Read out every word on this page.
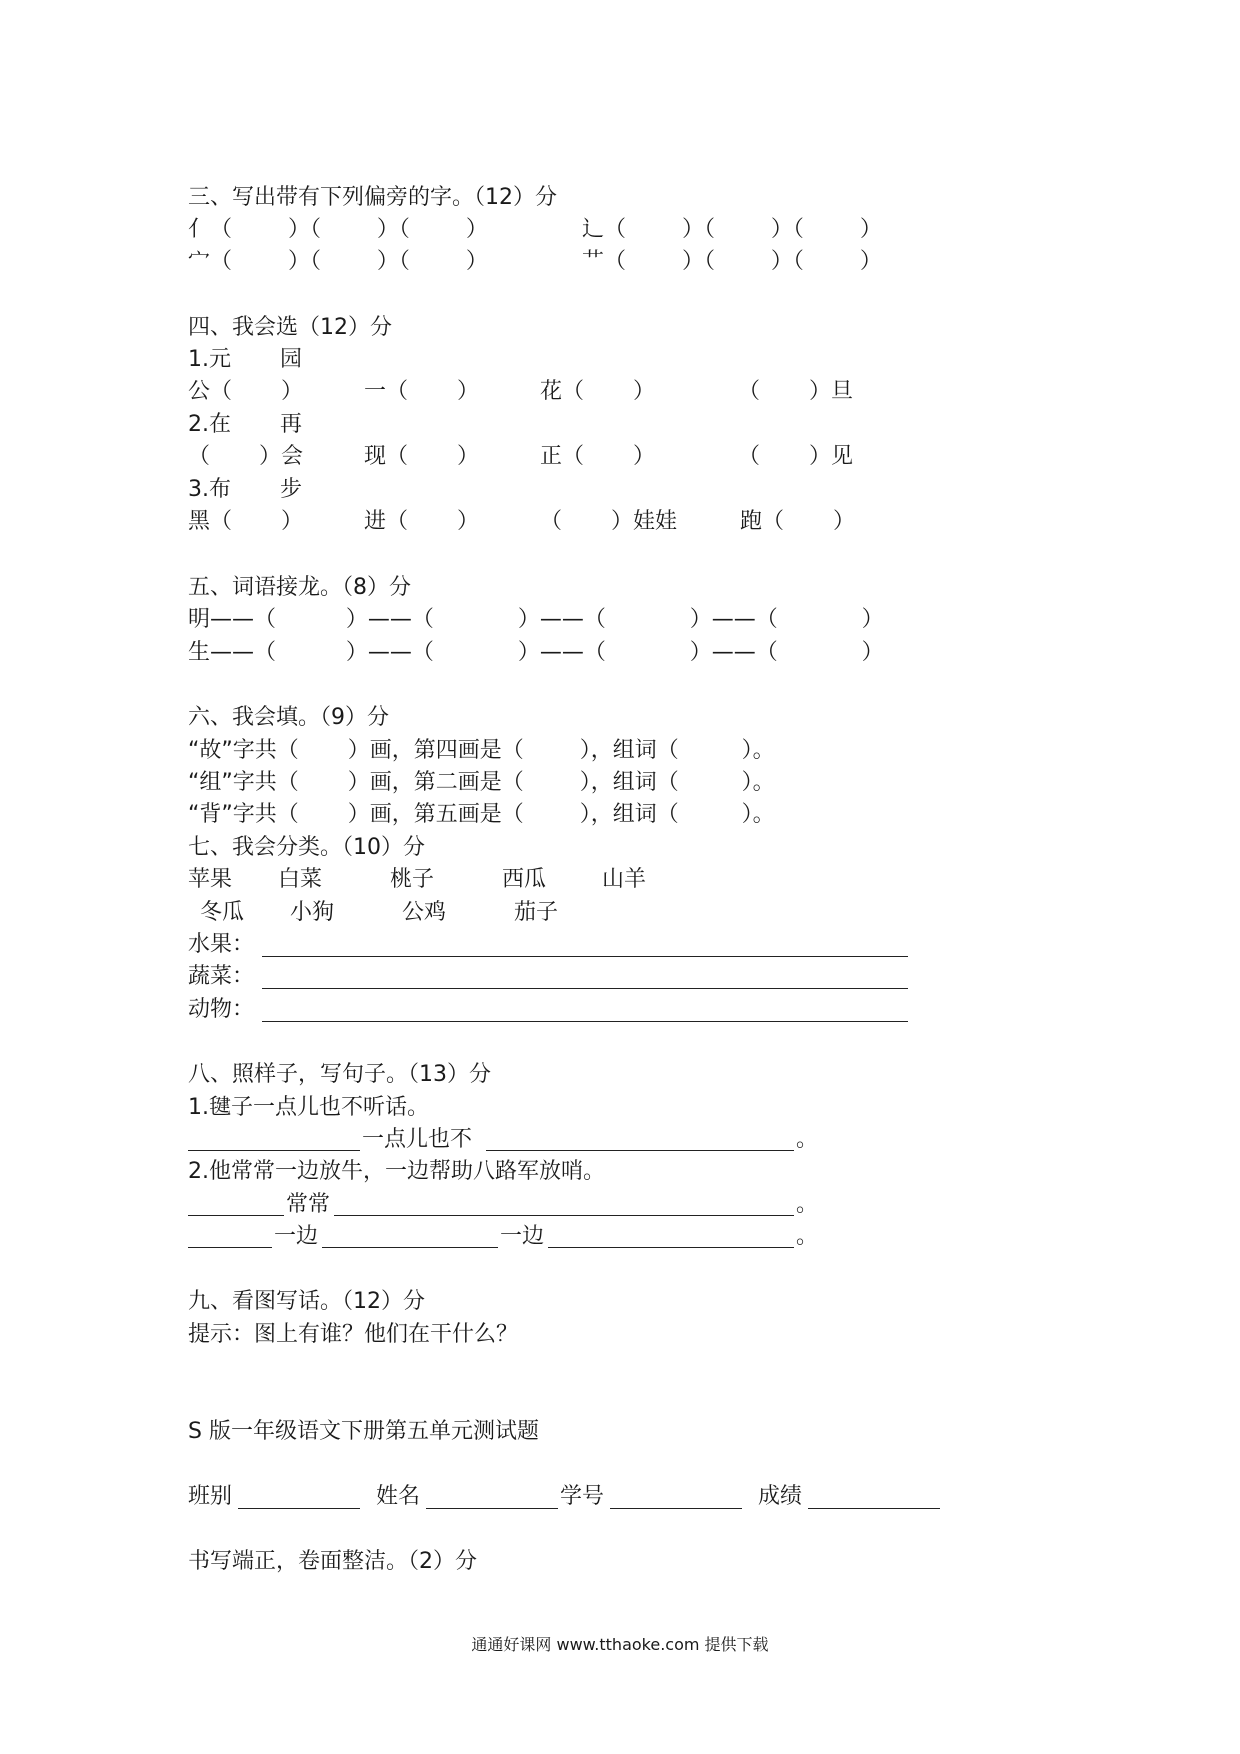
三、写出带有下列偏旁的字。（12）分
亻（        ）（        ）（        ）	辶（        ）（        ）（        ）
宀（        ）（        ）（        ）	艹（        ）（        ）（        ）
四、我会选（12）分
1.元       园
公（       ）	一（       ）	花（       ）	（       ）旦
2.在       再
（       ）会	现（       ）	正（       ）	（       ）见
3.布       步
黑（       ）	进（       ）	（       ）娃娃	跑（       ）
五、词语接龙。（8）分
明——（          ）——（            ）——（            ）——（            ）
生——（          ）——（            ）——（            ）——（            ）
六、我会填。（9）分
“故”字共（       ）画，第四画是（        ），组词（         ）。
“组”字共（       ）画，第二画是（        ），组词（         ）。
“背”字共（       ）画，第五画是（        ），组词（         ）。
七、我会分类。（10）分
苹果 白菜	桃子	西瓜	山羊
冬瓜 小狗	公鸡	茄子
水果：
蔬菜：
动物：
八、照样子，写句子。（13）分
1.毽子一点儿也不听话。
一点儿也不	。
2.他常常一边放牛，一边帮助八路军放哨。
常常	。
一边	一边	。
九、看图写话。（12）分
提示：图上有谁？他们在干什么？
S 版一年级语文下册第五单元测试题
班别	姓名	学号	成绩
书写端正，卷面整洁。（2）分
通通好课网 www.tthaoke.com 提供下载
